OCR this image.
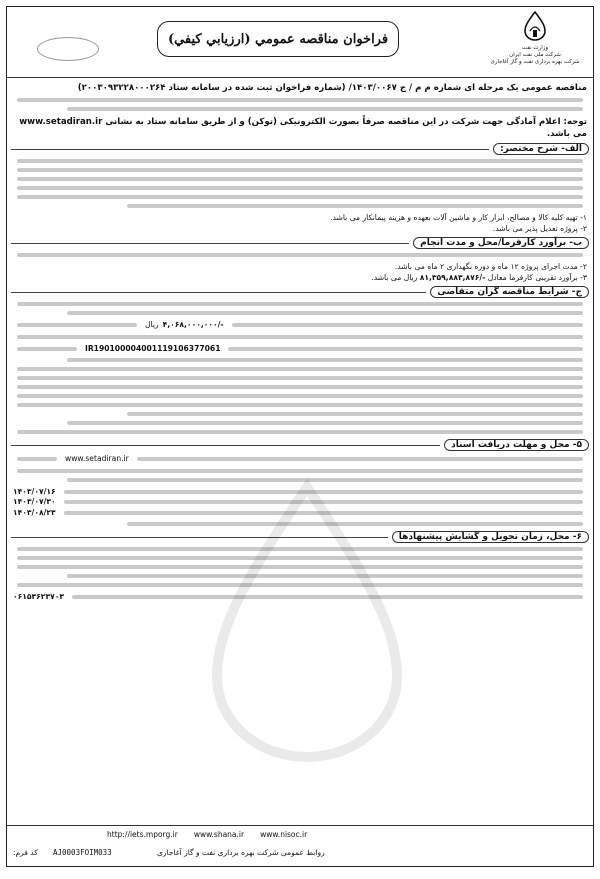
وزارت نفت
شرکت ملی نفت ایران
شرکت بهره برداری نفت و گاز آغاجاری
فراخوان مناقصه عمومي (ارزيابي كيفي)
مناقصه عمومی یک مرحله ای شماره م م / ج ۱۴۰۳/۰۰۶۷/ (شماره فراخوان ثبت شده در سامانه ستاد ۲۰۰۳۰۹۳۲۲۸۰۰۰۲۶۴)
توجه: اعلام آمادگی جهت شرکت در این مناقصه صرفاً بصورت الکترونیکی (توکن) و از طریق سامانه ستاد به نشانی www.setadiran.ir می باشد.
الف- شرح مختصر:
۱- تهیه کلیه کالا و مصالح، ابزار کار و ماشین آلات بعهده و هزینه پیمانکار می باشد.
۲- پروژه تعدیل پذیر می باشد.
ب- برآورد کارفرما/محل و مدت انجام
۲- مدت اجرای پروژه ۱۲ ماه و دوره نگهداری ۲ ماه می باشد.
۳- برآورد تقریبی کارفرما معادل ۸۱,۳۵۹,۸۸۳,۸۷۶/- ریال می باشد.
ج- شرایط مناقصه گران متقاضی
۴,۰۶۸,۰۰۰,۰۰۰/-
ریال
IR190100004001119106377061
۵- محل و مهلت دریافت اسناد
www.setadiran.ir
۱۴۰۳/۰۷/۱۶
۱۴۰۳/۰۷/۳۰
۱۴۰۳/۰۸/۲۳
۶- محل، زمان تحویل و گشایش پیشنهادها
۰۶۱۵۳۶۲۳۷۰۳
http://iets.mporg.ir www.shana.ir www.nisoc.ir
روابط عمومی شرکت بهره برداری نفت و گاز آغاجاری
کد فرم: AJ0003FOIM033
